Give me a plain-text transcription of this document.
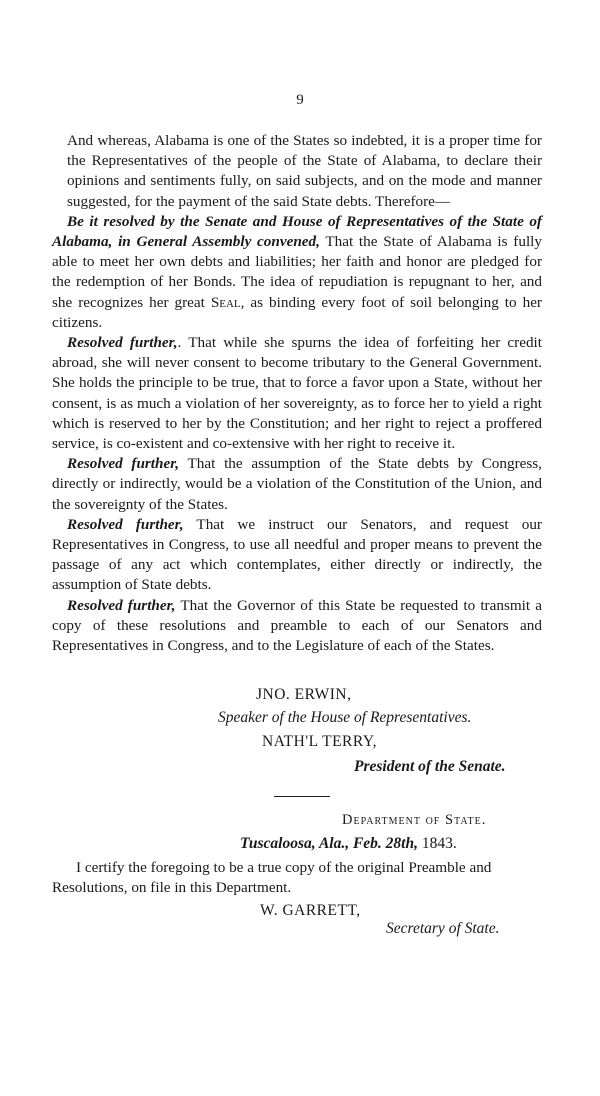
9

And whereas, Alabama is one of the States so indebted, it is a proper time for the Representatives of the people of the State of Alabama, to declare their opinions and sentiments fully, on said subjects, and on the mode and manner suggested, for the payment of the said State debts. Therefore—

Be it resolved by the Senate and House of Representatives of the State of Alabama, in General Assembly convened, That the State of Alabama is fully able to meet her own debts and liabilities; her faith and honor are pledged for the redemption of her Bonds. The idea of repudiation is repugnant to her, and she recognizes her great Seal, as binding every foot of soil belonging to her citizens.

Resolved further,. That while she spurns the idea of forfeiting her credit abroad, she will never consent to become tributary to the General Government. She holds the principle to be true, that to force a favor upon a State, without her consent, is as much a violation of her sovereignty, as to force her to yield a right which is reserved to her by the Constitution; and her right to reject a proffered service, is co-existent and co-extensive with her right to receive it.

Resolved further, That the assumption of the State debts by Congress, directly or indirectly, would be a violation of the Constitution of the Union, and the sovereignty of the States.

Resolved further, That we instruct our Senators, and request our Representatives in Congress, to use all needful and proper means to prevent the passage of any act which contemplates, either directly or indirectly, the assumption of State debts.

Resolved further, That the Governor of this State be requested to transmit a copy of these resolutions and preamble to each of our Senators and Representatives in Congress, and to the Legislature of each of the States.

JNO. ERWIN,
Speaker of the House of Representatives.
NATH'L TERRY,
President of the Senate.
Department of State.
Tuscaloosa, Ala., Feb. 28th, 1843.

I certify the foregoing to be a true copy of the original Preamble and Resolutions, on file in this Department.

W. GARRETT,
Secretary of State.
